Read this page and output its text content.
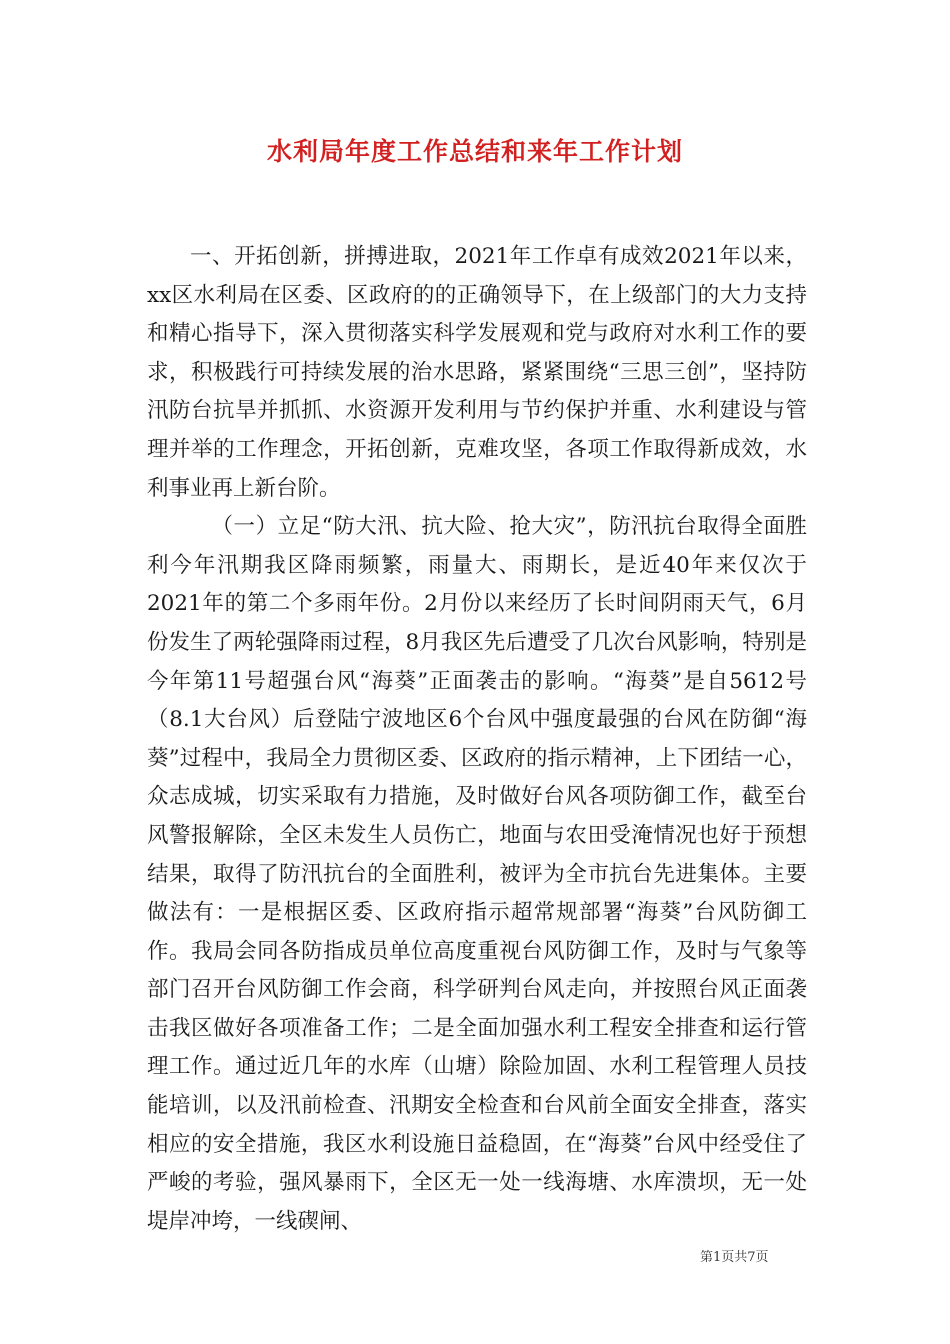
水利局年度工作总结和来年工作计划

一、开拓创新，拼搏进取，2021年工作卓有成效2021年以来，xx区水利局在区委、区政府的的正确领导下，在上级部门的大力支持和精心指导下，深入贯彻落实科学发展观和党与政府对水利工作的要求，积极践行可持续发展的治水思路，紧紧围绕“三思三创”，坚持防汛防台抗旱并抓抓、水资源开发利用与节约保护并重、水利建设与管理并举的工作理念，开拓创新，克难攻坚，各项工作取得新成效，水利事业再上新台阶。

（一）立足“防大汛、抗大险、抢大灾”，防汛抗台取得全面胜利今年汛期我区降雨频繁，雨量大、雨期长，是近40年来仅次于2021年的第二个多雨年份。2月份以来经历了长时间阴雨天气，6月份发生了两轮强降雨过程，8月我区先后遭受了几次台风影响，特别是今年第11号超强台风“海葵”正面袭击的影响。“海葵”是自5612号（8.1大台风）后登陆宁波地区6个台风中强度最强的台风在防御“海葵”过程中，我局全力贯彻区委、区政府的指示精神，上下团结一心，众志成城，切实采取有力措施，及时做好台风各项防御工作，截至台风警报解除，全区未发生人员伤亡，地面与农田受淹情况也好于预想结果，取得了防汛抗台的全面胜利，被评为全市抗台先进集体。主要做法有：一是根据区委、区政府指示超常规部署“海葵”台风防御工作。我局会同各防指成员单位高度重视台风防御工作，及时与气象等部门召开台风防御工作会商，科学研判台风走向，并按照台风正面袭击我区做好各项准备工作；二是全面加强水利工程安全排查和运行管理工作。通过近几年的水库（山塘）除险加固、水利工程管理人员技能培训，以及汛前检查、汛期安全检查和台风前全面安全排查，落实相应的安全措施，我区水利设施日益稳固，在“海葵”台风中经受住了严峻的考验，强风暴雨下，全区无一处一线海塘、水库溃坝，无一处堤岸冲垮，一线碶闸、

第1页共7页
